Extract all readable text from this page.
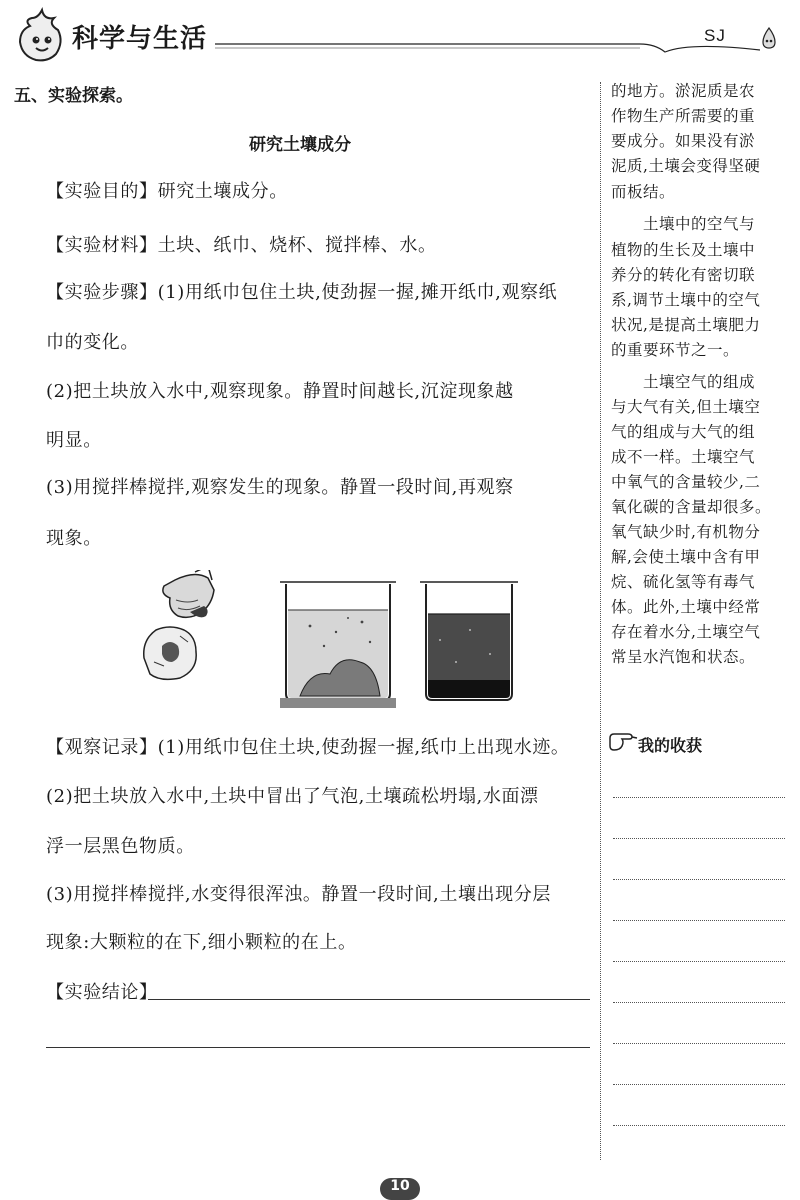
科学与生活	SJ
五、实验探索。
研究土壤成分
【实验目的】研究土壤成分。
【实验材料】土块、纸巾、烧杯、搅拌棒、水。
【实验步骤】(1)用纸巾包住土块,使劲握一握,摊开纸巾,观察纸
巾的变化。
(2)把土块放入水中,观察现象。静置时间越长,沉淀现象越
明显。
(3)用搅拌棒搅拌,观察发生的现象。静置一段时间,再观察
现象。
【观察记录】(1)用纸巾包住土块,使劲握一握,纸巾上出现水迹。
(2)把土块放入水中,土块中冒出了气泡,土壤疏松坍塌,水面漂
浮一层黑色物质。
(3)用搅拌棒搅拌,水变得很浑浊。静置一段时间,土壤出现分层
现象:大颗粒的在下,细小颗粒的在上。
【实验结论】
的地方。淤泥质是农
作物生产所需要的重
要成分。如果没有淤
泥质,土壤会变得坚硬
而板结。
　　土壤中的空气与
植物的生长及土壤中
养分的转化有密切联
系,调节土壤中的空气
状况,是提高土壤肥力
的重要环节之一。
　　土壤空气的组成
与大气有关,但土壤空
气的组成与大气的组
成不一样。土壤空气
中氧气的含量较少,二
氧化碳的含量却很多。
氧气缺少时,有机物分
解,会使土壤中含有甲
烷、硫化氢等有毒气
体。此外,土壤中经常
存在着水分,土壤空气
常呈水汽饱和状态。
我的收获
10
